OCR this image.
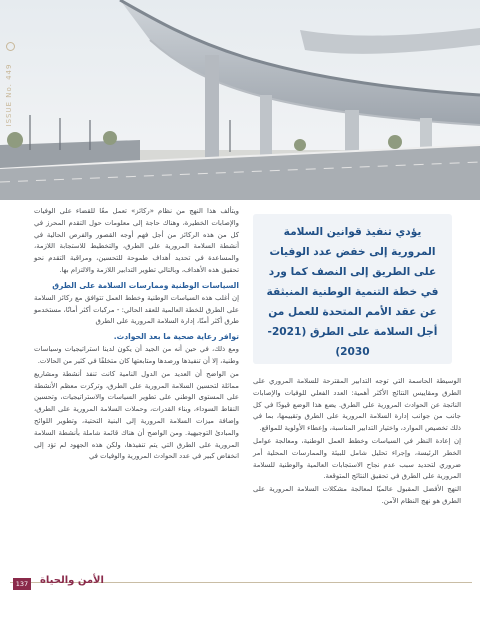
ISSUE No. 449

يؤدي تنفيذ قوانين السلامة المرورية إلى خفض عدد الوفيات على الطريق إلى النصف كما ورد في خطة التنمية الوطنية المنبثقة عن عقد الأمم المتحدة للعمل من أجل السلامة على الطرق (2021-2030)

ويتألف هذا النهج من نظام «ركائز» تعمل معًا للقضاء على الوفيات والإصابات الخطيرة، وهناك حاجة إلى معلومات حول التقدم المحرز في كل من هذه الركائز من أجل فهم أوجه القصور والفرص الحالية في أنشطة السلامة المرورية على الطرق، والتخطيط للاستجابة اللازمة، والمساعدة في تحديد أهداف طموحة للتحسين، ومراقبة التقدم نحو تحقيق هذه الأهداف، وبالتالي تطوير التدابير اللازمة والالتزام بها.

السياسات الوطنية وممارسات السلامة على الطرق

إن أغلب هذه السياسات الوطنية وخطط العمل تتوافق مع ركائز السلامة على الطرق للخطة العالمية للعقد الحالي: - مركبات أكثر أمانًا، مستخدمو طرق أكثر أمنًا، إدارة السلامة المرورية على الطرق

توافر رعاية صحية ما بعد الحوادث.

ومع ذلك، في حين أنه من الجيد أن يكون لدينا استراتيجيات وسياسات وطنية، إلا أن تنفيذها ورصدها ومتابعتها كان متخلفًا في كثير من الحالات.

من الواضح أن العديد من الدول النامية كانت تنفذ أنشطة ومشاريع مماثلة لتحسين السلامة المرورية على الطرق، وتركزت معظم الأنشطة على المستوى الوطني على تطوير السياسات والاستراتيجيات، وتحسين النقاط السوداء، وبناء القدرات، وحملات السلامة المرورية على الطرق، وإضافة ميزات السلامة المرورية إلى البنية التحتية، وتطوير اللوائح والمبادئ التوجيهية. ومن الواضح أن هناك قائمة شاملة بأنشطة السلامة المرورية على الطرق التي يتم تنفيذها، ولكن هذه الجهود لم تؤد إلى انخفاض كبير في عدد الحوادث المرورية والوفيات في

الوسيطة الحاسمة التي توجه التدابير المقترحة للسلامة المروري على الطرق ومقاييس النتائج الأكثر أهمية: العدد الفعلي للوفيات والإصابات الناتجة عن الحوادث المرورية على الطرق. يضع هذا الوضع قيودًا في كل جانب من جوانب إدارة السلامة المرورية على الطرق وتقييمها، بما في ذلك تخصيص الموارد، واختيار التدابير المناسبة، وإعطاء الأولوية للمواقع.

إن إعادة النظر في السياسات وخطط العمل الوطنية، ومعالجة عوامل الخطر الرئيسة، وإجراء تحليل شامل للبيئة والممارسات المحلية أمر ضروري لتحديد سبب عدم نجاح الاستجابات العالمية والوطنية للسلامة المرورية على الطرق في تحقيق النتائج المتوقعة.

النهج الأفضل المقبول عالميًا لمعالجة مشكلات السلامة المرورية على الطرق هو نهج النظام الآمن.

137 الأمن والحياة
